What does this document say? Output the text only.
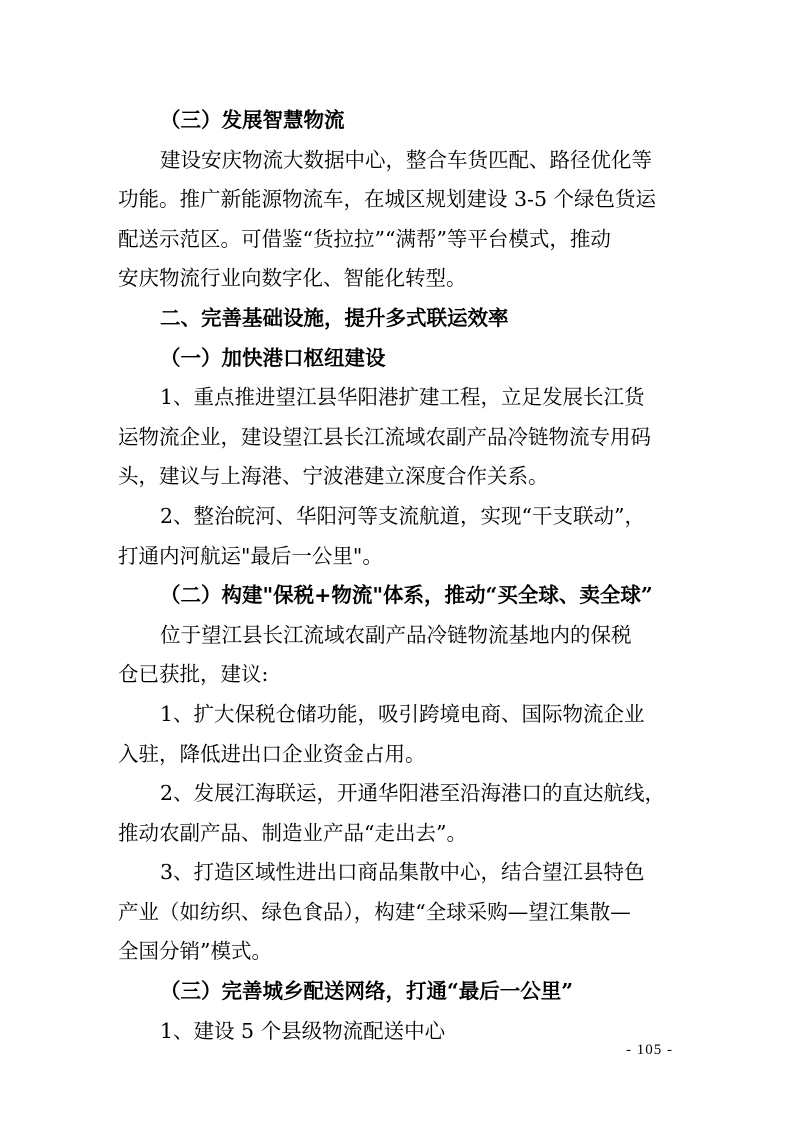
（三）发展智慧物流
建设安庆物流大数据中心，整合车货匹配、路径优化等
功能。推广新能源物流车，在城区规划建设 3-5 个绿色货运
配送示范区。可借鉴“货拉拉”“满帮”等平台模式，推动
安庆物流行业向数字化、智能化转型。
二、完善基础设施，提升多式联运效率
（一）加快港口枢纽建设
1、重点推进望江县华阳港扩建工程，立足发展长江货
运物流企业，建设望江县长江流域农副产品冷链物流专用码
头，建议与上海港、宁波港建立深度合作关系。
2、整治皖河、华阳河等支流航道，实现“干支联动”，
打通内河航运"最后一公里"。
（二）构建"保税+物流"体系，推动“买全球、卖全球”
位于望江县长江流域农副产品冷链物流基地内的保税
仓已获批，建议:
1、扩大保税仓储功能，吸引跨境电商、国际物流企业
入驻，降低进出口企业资金占用。
2、发展江海联运，开通华阳港至沿海港口的直达航线，
推动农副产品、制造业产品“走出去”。
3、打造区域性进出口商品集散中心，结合望江县特色
产业（如纺织、绿色食品），构建“全球采购—望江集散—
全国分销”模式。
（三）完善城乡配送网络，打通“最后一公里”
1、建设 5 个县级物流配送中心
- 105 -
